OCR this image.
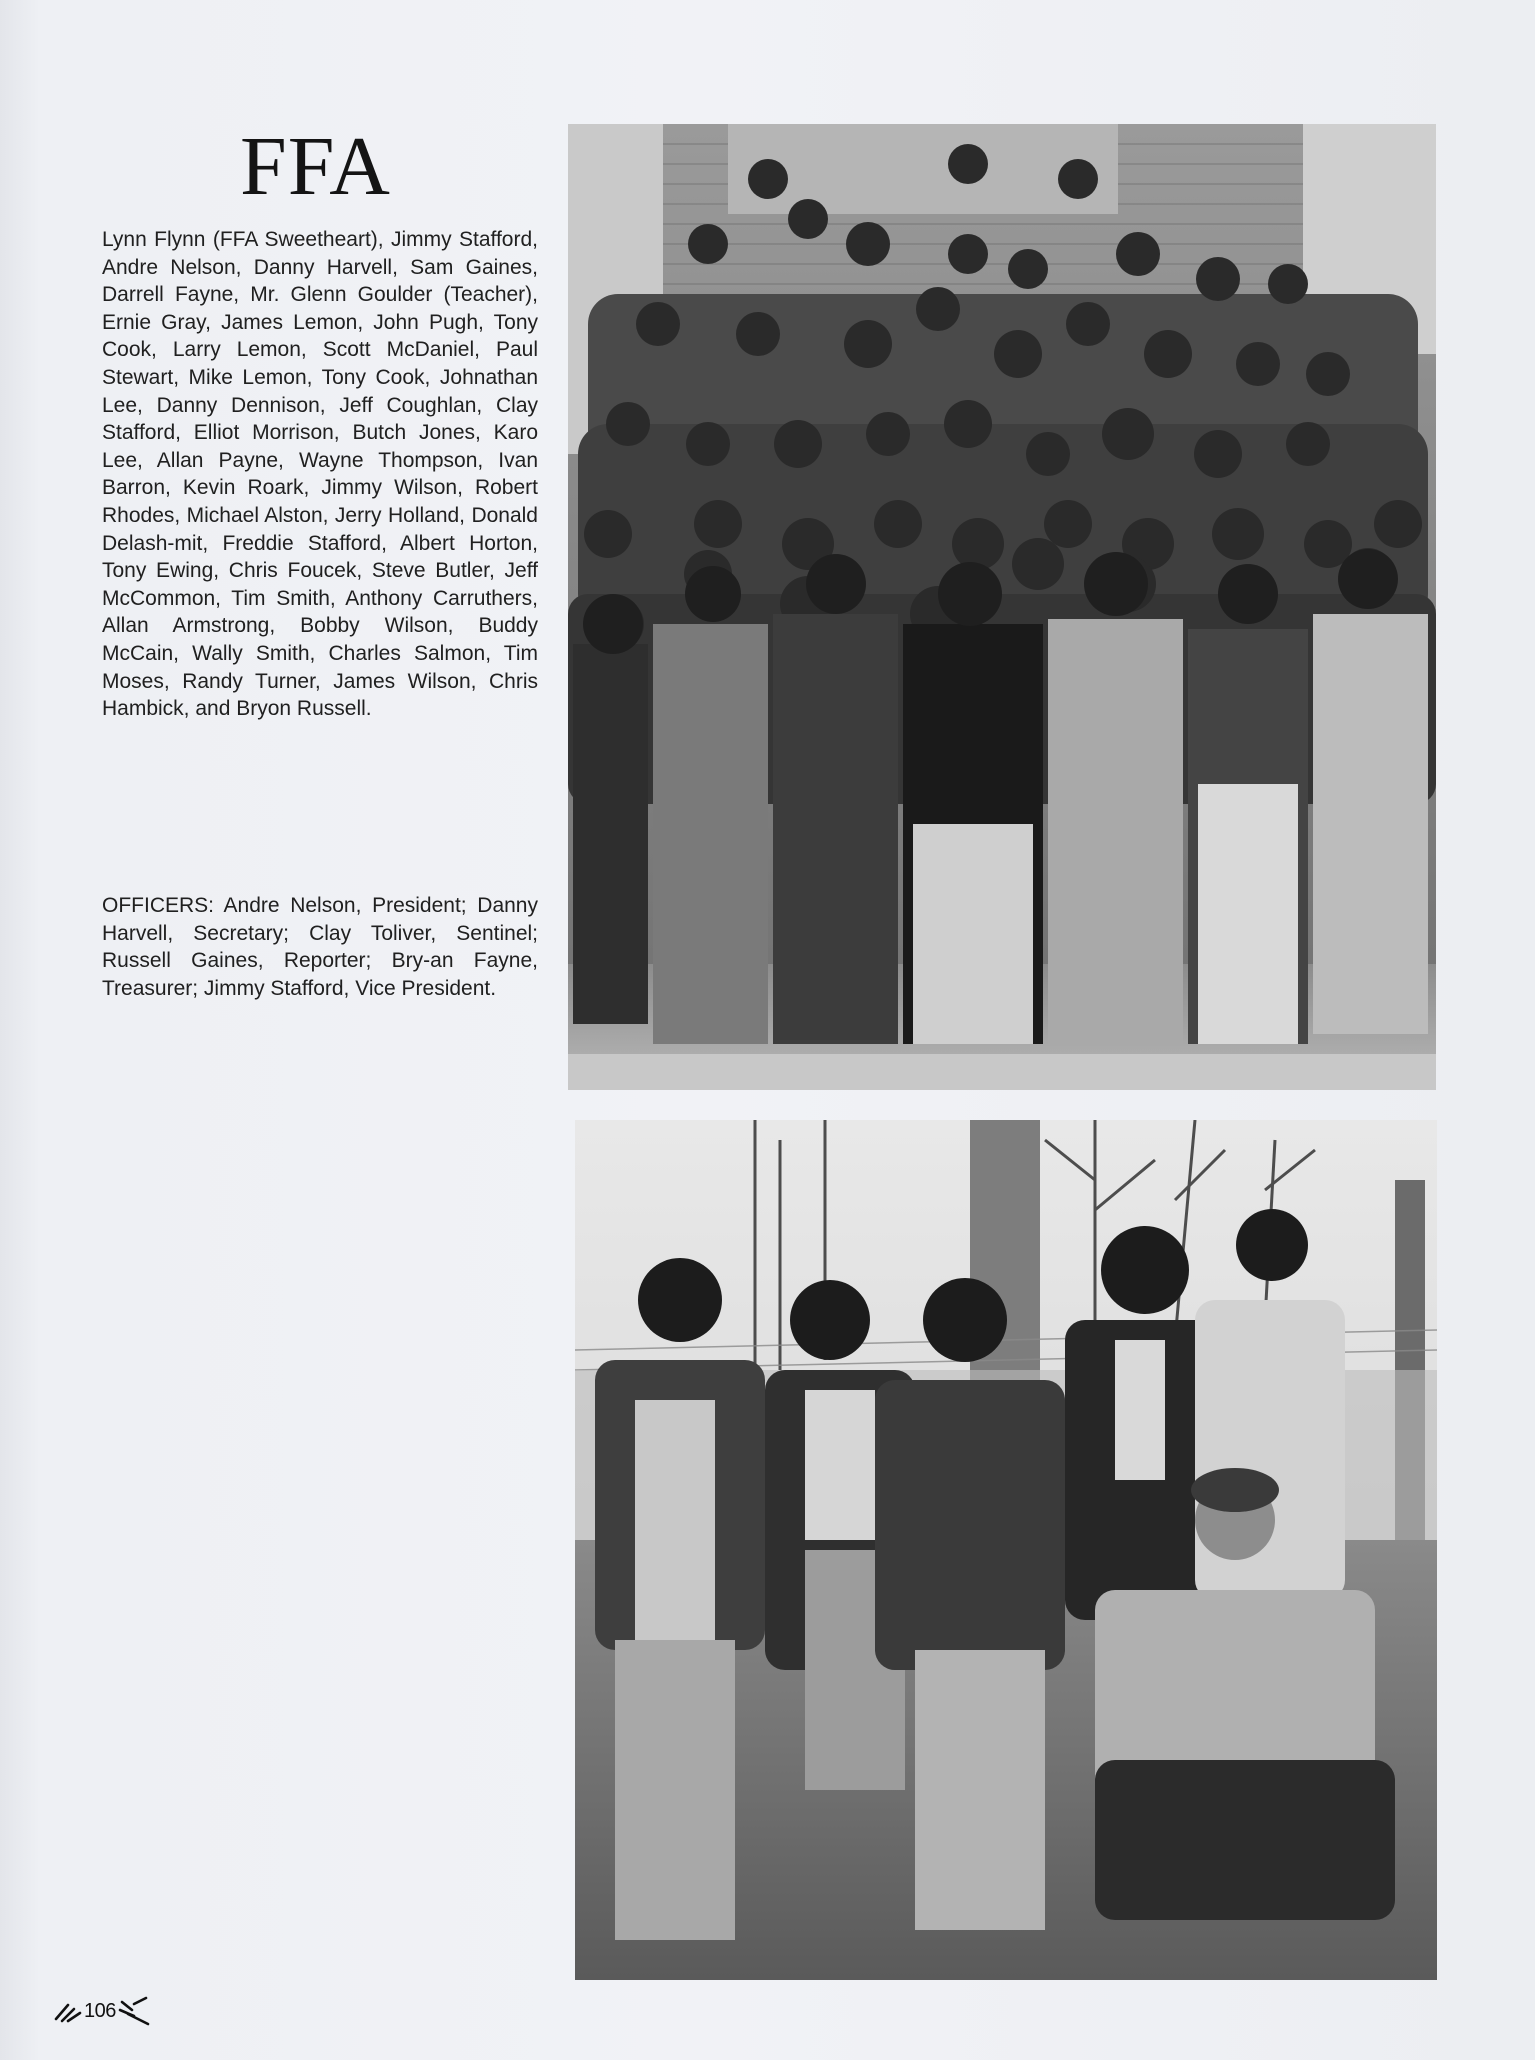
FFA
Lynn Flynn (FFA Sweetheart), Jimmy Stafford, Andre Nelson, Danny Harvell, Sam Gaines, Darrell Fayne, Mr. Glenn Goulder (Teacher), Ernie Gray, James Lemon, John Pugh, Tony Cook, Larry Lemon, Scott McDaniel, Paul Stewart, Mike Lemon, Tony Cook, Johnathan Lee, Danny Dennison, Jeff Coughlan, Clay Stafford, Elliot Morrison, Butch Jones, Karo Lee, Allan Payne, Wayne Thompson, Ivan Barron, Kevin Roark, Jimmy Wilson, Robert Rhodes, Michael Alston, Jerry Holland, Donald Delash-mit, Freddie Stafford, Albert Horton, Tony Ewing, Chris Foucek, Steve Butler, Jeff McCommon, Tim Smith, Anthony Carruthers, Allan Armstrong, Bobby Wilson, Buddy McCain, Wally Smith, Charles Salmon, Tim Moses, Randy Turner, James Wilson, Chris Hambick, and Bryon Russell.
OFFICERS: Andre Nelson, President; Danny Harvell, Secretary; Clay Toliver, Sentinel; Russell Gaines, Reporter; Bry-an Fayne, Treasurer; Jimmy Stafford, Vice President.
106
